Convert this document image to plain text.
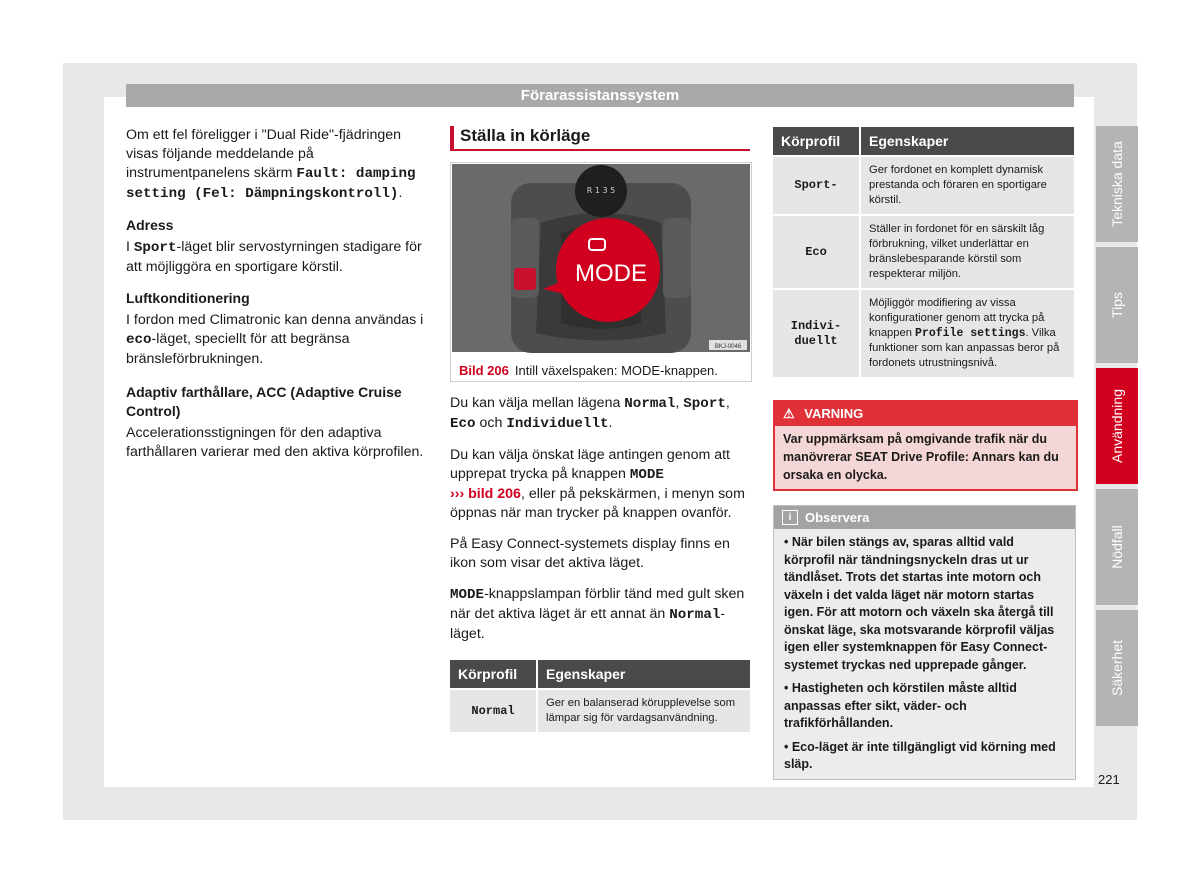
Förarassistanssystem

Om ett fel föreligger i "Dual Ride"-fjädringen visas följande meddelande på instrumentpanelens skärm Fault: damping setting (Fel: Dämpningskontroll).

Adress

I Sport-läget blir servostyrningen stadigare för att möjliggöra en sportigare körstil.

Luftkonditionering

I fordon med Climatronic kan denna användas i eco-läget, speciellt för att begränsa bränsleförbrukningen.

Adaptiv farthållare, ACC (Adaptive Cruise Control)

Accelerationsstigningen för den adaptiva farthållaren varierar med den aktiva körprofilen.

Ställa in körläge
R 1 3 5
MODE
BKJ-0046
Bild 206 Intill växelspaken: MODE-knappen.

Du kan välja mellan lägena Normal, Sport, Eco och Individuellt.

Du kan välja önskat läge antingen genom att upprepat trycka på knappen MODE
››› bild 206, eller på pekskärmen, i menyn som öppnas när man trycker på knappen ovanför.

På Easy Connect-systemets display finns en ikon som visar det aktiva läget.

MODE-knappslampan förblir tänd med gult sken när det aktiva läget är ett annat än Normal-läget.

Körprofil	Egenskaper
Normal	Ger en balanserad körupplevelse som lämpar sig för vardagsanvändning.
Körprofil	Egenskaper
Sport-	Ger fordonet en komplett dynamisk prestanda och föraren en sportigare körstil.
Eco	Ställer in fordonet för en särskilt låg förbrukning, vilket underlättar en bränslebesparande körstil som respekterar miljön.
Indivi-duellt	Möjliggör modifiering av vissa konfigurationer genom att trycka på knappen Profile settings. Vilka funktioner som kan anpassas beror på fordonets utrustningsnivå.
⚠ VARNING
Var uppmärksam på omgivande trafik när du manövrerar SEAT Drive Profile: Annars kan du orsaka en olycka.
i	Observera

• När bilen stängs av, sparas alltid vald körprofil när tändningsnyckeln dras ut ur tändlåset. Trots det startas inte motorn och växeln i det valda läget när motorn startas igen. För att motorn och växeln ska återgå till önskat läge, ska motsvarande körprofil väljas igen eller systemknappen för Easy Connect-systemet tryckas ned upprepade gånger.

• Hastigheten och körstilen måste alltid anpassas efter sikt, väder- och trafikförhållanden.

• Eco-läget är inte tillgängligt vid körning med släp.

Tekniska data
Tips
Användning
Nödfall
Säkerhet
221
